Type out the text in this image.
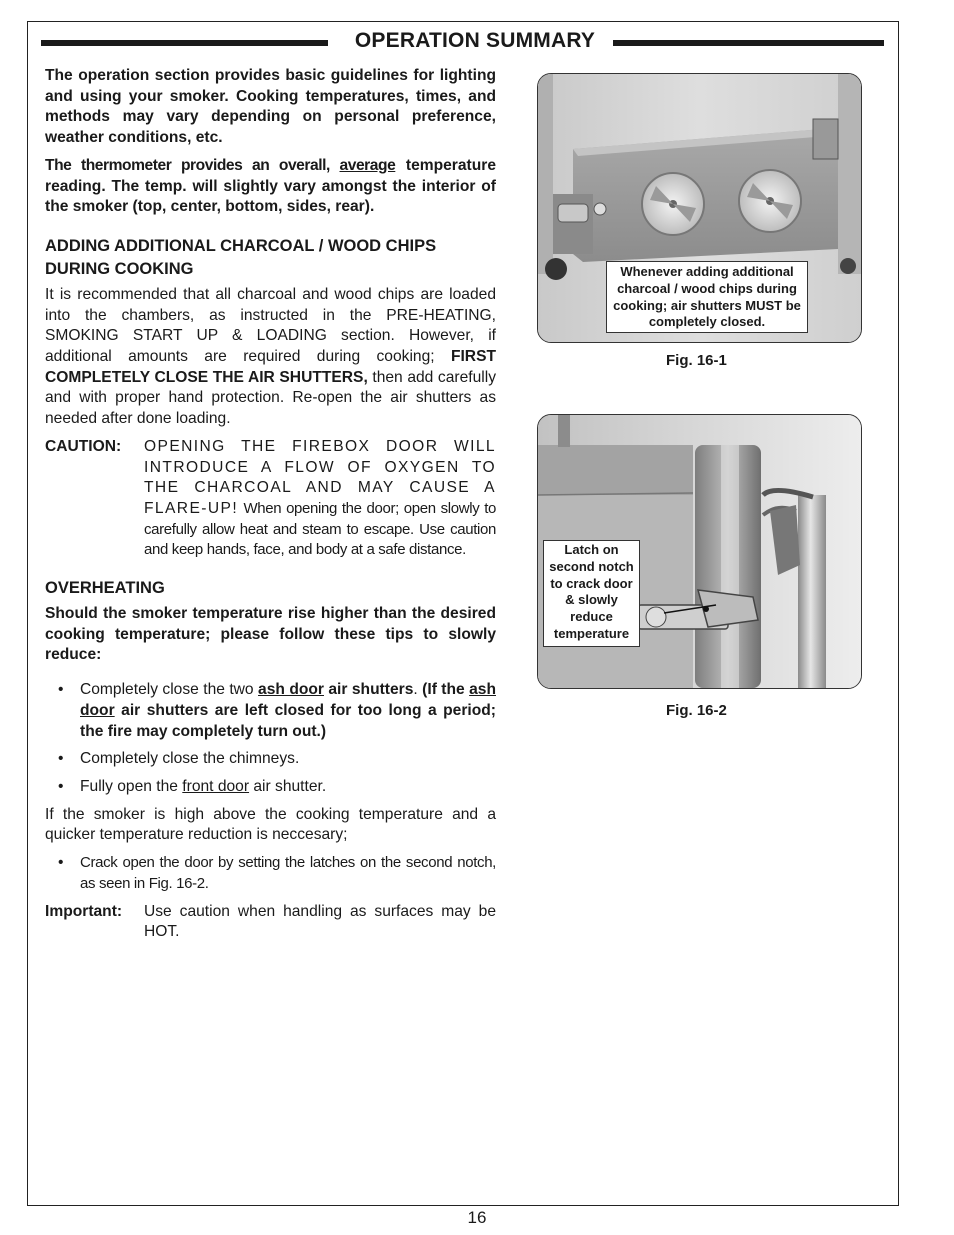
OPERATION SUMMARY

The operation section provides basic guidelines for lighting and using your smoker. Cooking temperatures, times, and methods may vary depending on personal preference, weather conditions, etc.

The thermometer provides an overall, average temperature reading. The temp. will slightly vary amongst the interior of the smoker (top, center, bottom, sides, rear).

ADDING ADDITIONAL CHARCOAL / WOOD CHIPS
DURING COOKING

It is recommended that all charcoal and wood chips are loaded into the chambers, as instructed in the PRE-HEATING, SMOKING START UP & LOADING section. However, if additional amounts are required during cooking; FIRST COMPLETELY CLOSE THE AIR SHUTTERS, then add carefully and with proper hand protection. Re-open the air shutters as needed after done loading.

CAUTION:	OPENING THE FIREBOX DOOR WILL INTRODUCE A FLOW OF OXYGEN TO THE CHARCOAL AND MAY CAUSE A FLARE-UP! When opening the door; open slowly to carefully allow heat and steam to escape. Use caution and keep hands, face, and body at a safe distance.
OVERHEATING

Should the smoker temperature rise higher than the desired cooking temperature; please follow these tips to slowly reduce:

• Completely close the two ash door air shutters. (If the ash door air shutters are left closed for too long a period; the fire may completely turn out.)
• Completely close the chimneys.
• Fully open the front door air shutter.

If the smoker is high above the cooking temperature and a quicker temperature reduction is neccesary;

• Crack open the door by setting the latches on the second notch, as seen in Fig. 16-2.
Important:	Use caution when handling as surfaces may be HOT.
Whenever adding additional charcoal / wood chips during cooking; air shutters MUST be completely closed.
Fig. 16-1
Latch on second notch to crack door & slowly reduce temperature
Fig. 16-2
16
